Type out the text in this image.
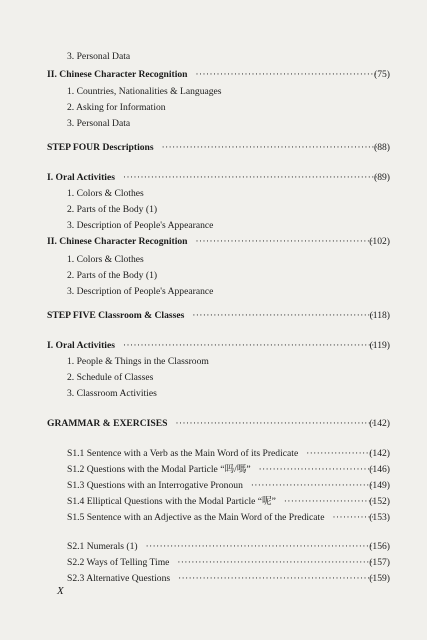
3. Personal Data
II. Chinese Character Recognition ····················································
(75)
1. Countries, Nationalities & Languages
2. Asking for Information
3. Personal Data
STEP FOUR Descriptions ······························································
(88)
I. Oral Activities ·········································································
(89)
1. Colors & Clothes
2. Parts of the Body (1)
3. Description of People's Appearance
II. Chinese Character Recognition ···················································
(102)
1. Colors & Clothes
2. Parts of the Body (1)
3. Description of People's Appearance
STEP FIVE Classroom & Classes ····················································
(118)
I. Oral Activities ········································································
(119)
1. People & Things in the Classroom
2. Schedule of Classes
3. Classroom Activities
GRAMMAR & EXERCISES ·························································
(142)
S1.1 Sentence with a Verb as the Main Word of its Predicate ···················
(142)
S1.2 Questions with the Modal Particle “吗/嗎” ·································
(146)
S1.3 Questions with an Interrogative Pronoun ···································
(149)
S1.4 Elliptical Questions with the Modal Particle “呢” ··························
(152)
S1.5 Sentence with an Adjective as the Main Word of the Predicate ············
(153)
S2.1 Numerals (1) ·································································
(156)
S2.2 Ways of Telling Time ························································
(157)
S2.3 Alternative Questions ························································
(159)
X
